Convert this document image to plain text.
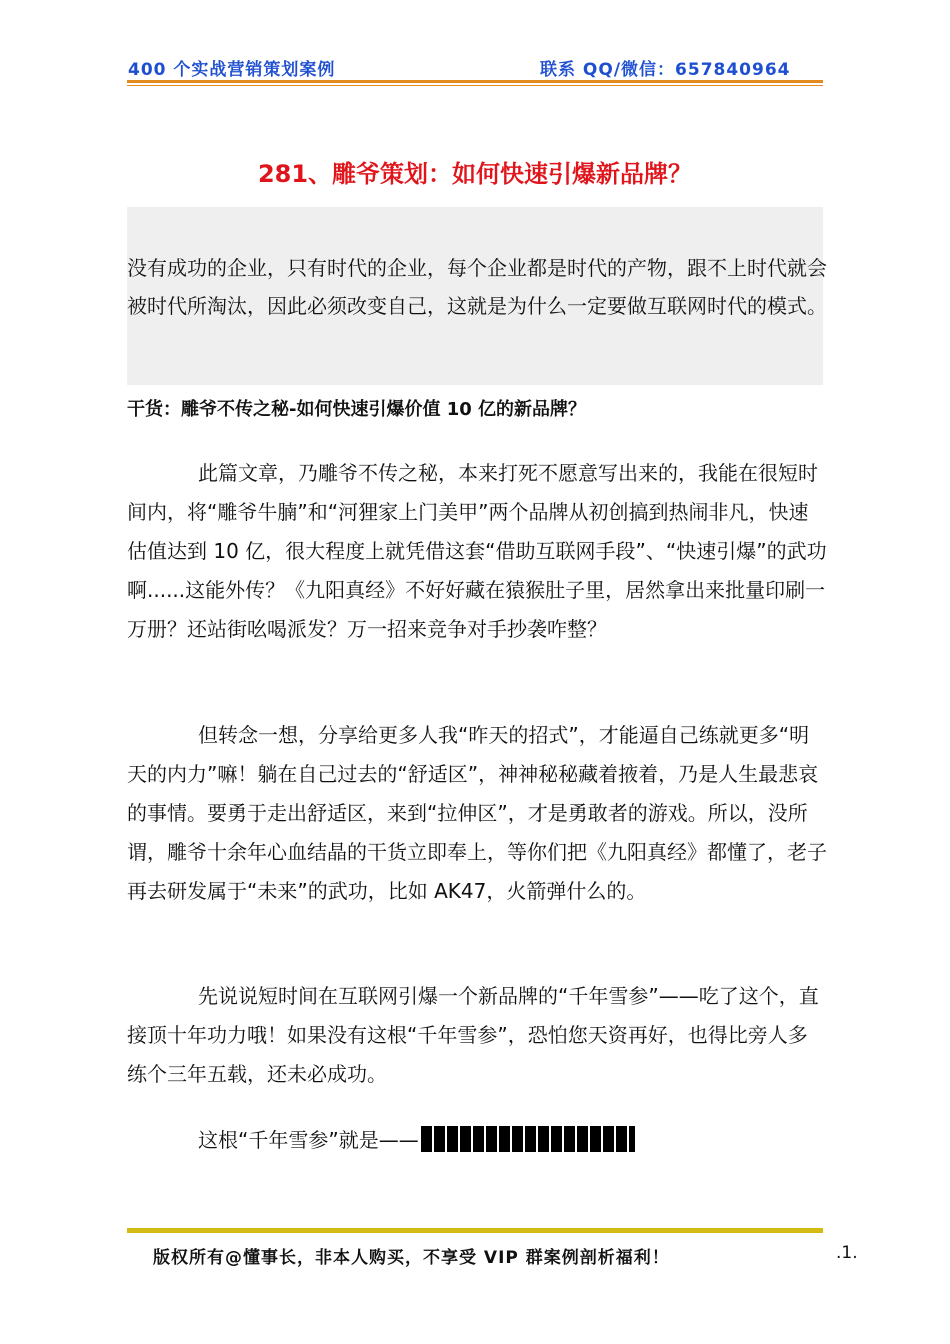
400 个实战营销策划案例	联系 QQ/微信：657840964
281、雕爷策划：如何快速引爆新品牌？
没有成功的企业，只有时代的企业，每个企业都是时代的产物，跟不上时代就会被时代所淘汰，因此必须改变自己，这就是为什么一定要做互联网时代的模式。
干货：雕爷不传之秘-如何快速引爆价值 10 亿的新品牌？

此篇文章，乃雕爷不传之秘，本来打死不愿意写出来的，我能在很短时间内，将“雕爷牛腩”和“河狸家上门美甲”两个品牌从初创搞到热闹非凡，快速估值达到 10 亿，很大程度上就凭借这套“借助互联网手段”、“快速引爆”的武功啊......这能外传？《九阳真经》不好好藏在猿猴肚子里，居然拿出来批量印刷一万册？还站街吆喝派发？万一招来竞争对手抄袭咋整？

但转念一想，分享给更多人我“昨天的招式”，才能逼自己练就更多“明天的内力”嘛！躺在自己过去的“舒适区”，神神秘秘藏着掖着，乃是人生最悲哀的事情。要勇于走出舒适区，来到“拉伸区”，才是勇敢者的游戏。所以，没所谓，雕爷十余年心血结晶的干货立即奉上，等你们把《九阳真经》都懂了，老子再去研发属于“未来”的武功，比如 AK47，火箭弹什么的。

先说说短时间在互联网引爆一个新品牌的“千年雪参”——吃了这个，直接顶十年功力哦！如果没有这根“千年雪参”，恐怕您天资再好，也得比旁人多练个三年五载，还未必成功。

这根“千年雪参”就是——

版权所有@懂事长，非本人购买，不享受 VIP 群案例剖析福利！	.1.
